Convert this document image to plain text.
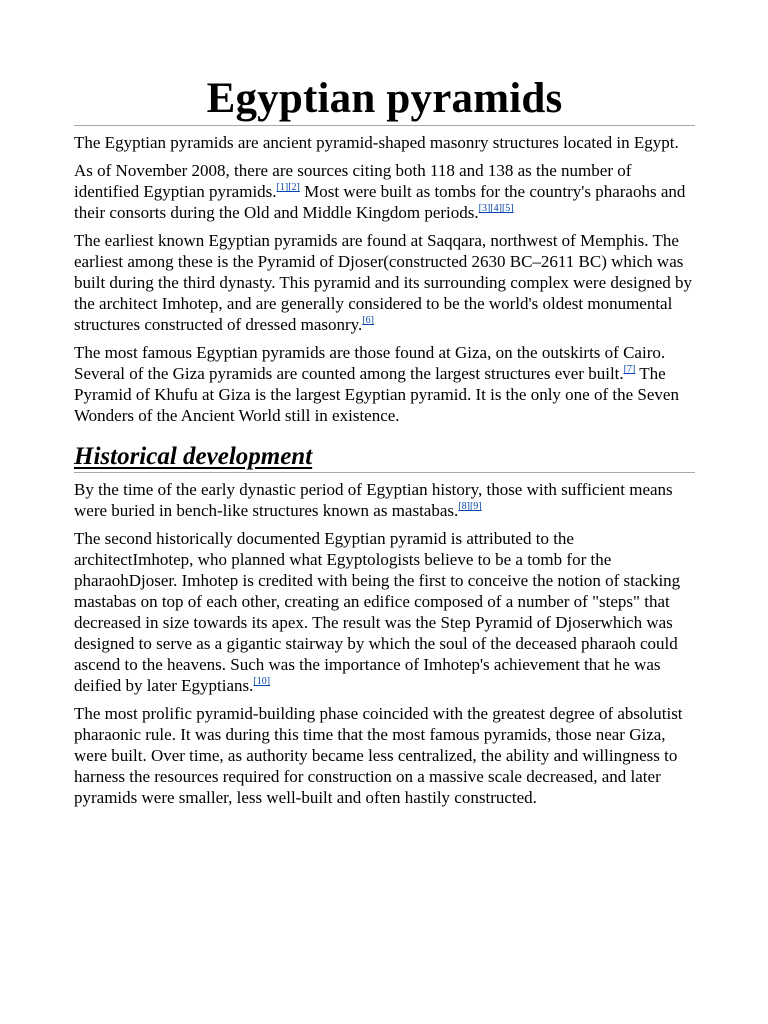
Egyptian pyramids

The Egyptian pyramids are ancient pyramid-shaped masonry structures located in Egypt.

As of November 2008, there are sources citing both 118 and 138 as the number of identified Egyptian pyramids.[1][2] Most were built as tombs for the country's pharaohs and their consorts during the Old and Middle Kingdom periods.[3][4][5]

The earliest known Egyptian pyramids are found at Saqqara, northwest of Memphis. The earliest among these is the Pyramid of Djoser(constructed 2630 BC–2611 BC) which was built during the third dynasty. This pyramid and its surrounding complex were designed by the architect Imhotep, and are generally considered to be the world's oldest monumental structures constructed of dressed masonry.[6]

The most famous Egyptian pyramids are those found at Giza, on the outskirts of Cairo. Several of the Giza pyramids are counted among the largest structures ever built.[7] The Pyramid of Khufu at Giza is the largest Egyptian pyramid. It is the only one of the Seven Wonders of the Ancient World still in existence.

Historical development

By the time of the early dynastic period of Egyptian history, those with sufficient means were buried in bench-like structures known as mastabas.[8][9]

The second historically documented Egyptian pyramid is attributed to the architectImhotep, who planned what Egyptologists believe to be a tomb for the pharaohDjoser. Imhotep is credited with being the first to conceive the notion of stacking mastabas on top of each other, creating an edifice composed of a number of "steps" that decreased in size towards its apex. The result was the Step Pyramid of Djoserwhich was designed to serve as a gigantic stairway by which the soul of the deceased pharaoh could ascend to the heavens. Such was the importance of Imhotep's achievement that he was deified by later Egyptians.[10]

The most prolific pyramid-building phase coincided with the greatest degree of absolutist pharaonic rule. It was during this time that the most famous pyramids, those near Giza, were built. Over time, as authority became less centralized, the ability and willingness to harness the resources required for construction on a massive scale decreased, and later pyramids were smaller, less well-built and often hastily constructed.
